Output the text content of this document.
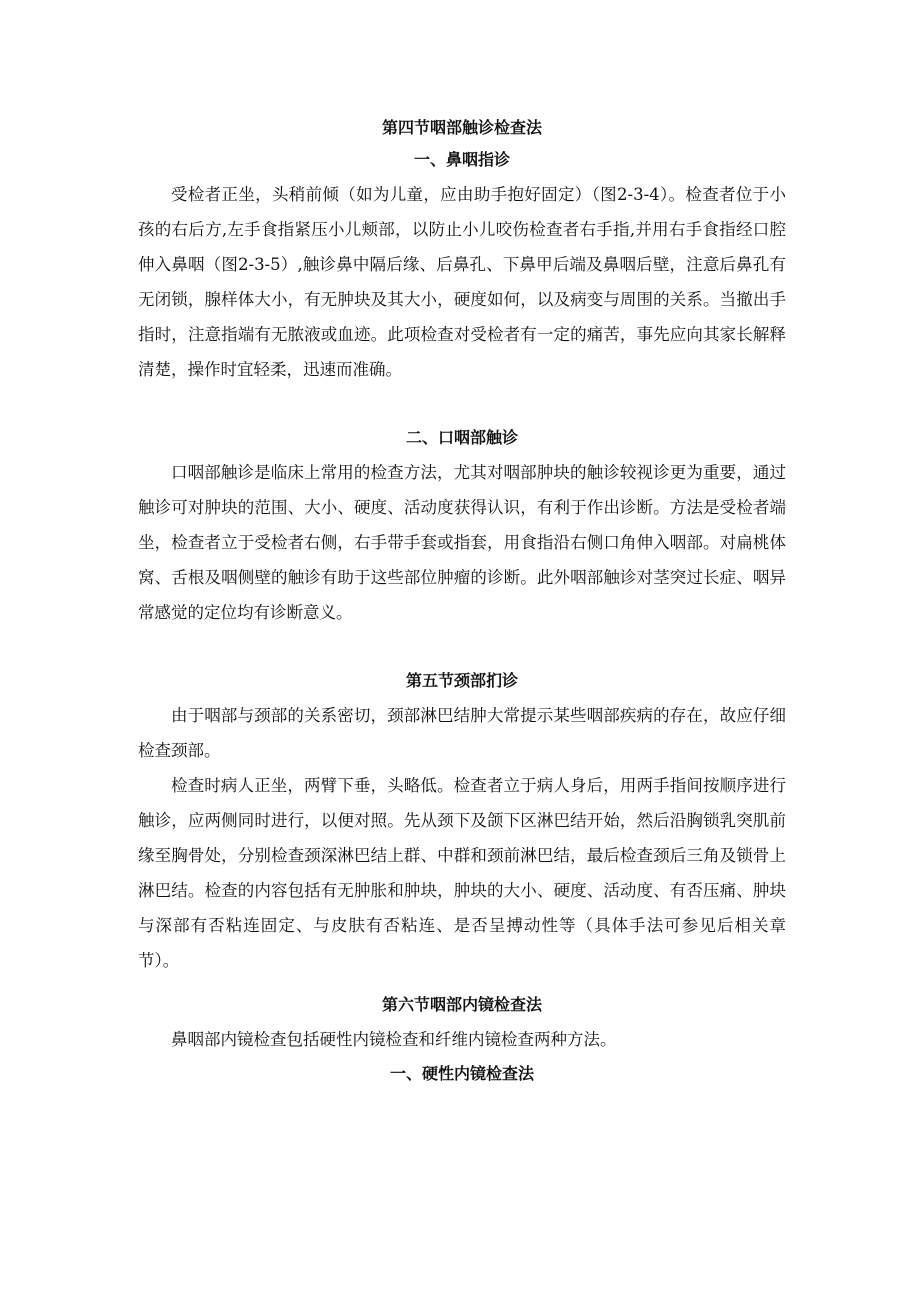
第四节咽部触诊检查法
一、鼻咽指诊

受检者正坐，头稍前倾（如为儿童，应由助手抱好固定）（图2-3-4）。检查者位于小孩的右后方,左手食指紧压小儿颊部，以防止小儿咬伤检查者右手指,并用右手食指经口腔伸入鼻咽（图2-3-5）,触诊鼻中隔后缘、后鼻孔、下鼻甲后端及鼻咽后壁，注意后鼻孔有无闭锁，腺样体大小，有无肿块及其大小，硬度如何，以及病变与周围的关系。当撤出手指时，注意指端有无脓液或血迹。此项检查对受检者有一定的痛苦，事先应向其家长解释清楚，操作时宜轻柔，迅速而准确。

二、口咽部触诊

口咽部触诊是临床上常用的检查方法，尤其对咽部肿块的触诊较视诊更为重要，通过触诊可对肿块的范围、大小、硬度、活动度获得认识，有利于作出诊断。方法是受检者端坐，检查者立于受检者右侧，右手带手套或指套，用食指沿右侧口角伸入咽部。对扁桃体窝、舌根及咽侧壁的触诊有助于这些部位肿瘤的诊断。此外咽部触诊对茎突过长症、咽异常感觉的定位均有诊断意义。

第五节颈部扪诊

由于咽部与颈部的关系密切，颈部淋巴结肿大常提示某些咽部疾病的存在，故应仔细检查颈部。

检查时病人正坐，两臂下垂，头略低。检查者立于病人身后，用两手指间按顺序进行触诊，应两侧同时进行，以便对照。先从颈下及颌下区淋巴结开始，然后沿胸锁乳突肌前缘至胸骨处，分别检查颈深淋巴结上群、中群和颈前淋巴结，最后检查颈后三角及锁骨上淋巴结。检查的内容包括有无肿胀和肿块，肿块的大小、硬度、活动度、有否压痛、肿块与深部有否粘连固定、与皮肤有否粘连、是否呈搏动性等（具体手法可参见后相关章节）。

第六节咽部内镜检查法

鼻咽部内镜检查包括硬性内镜检查和纤维内镜检查两种方法。

一、硬性内镜检查法
